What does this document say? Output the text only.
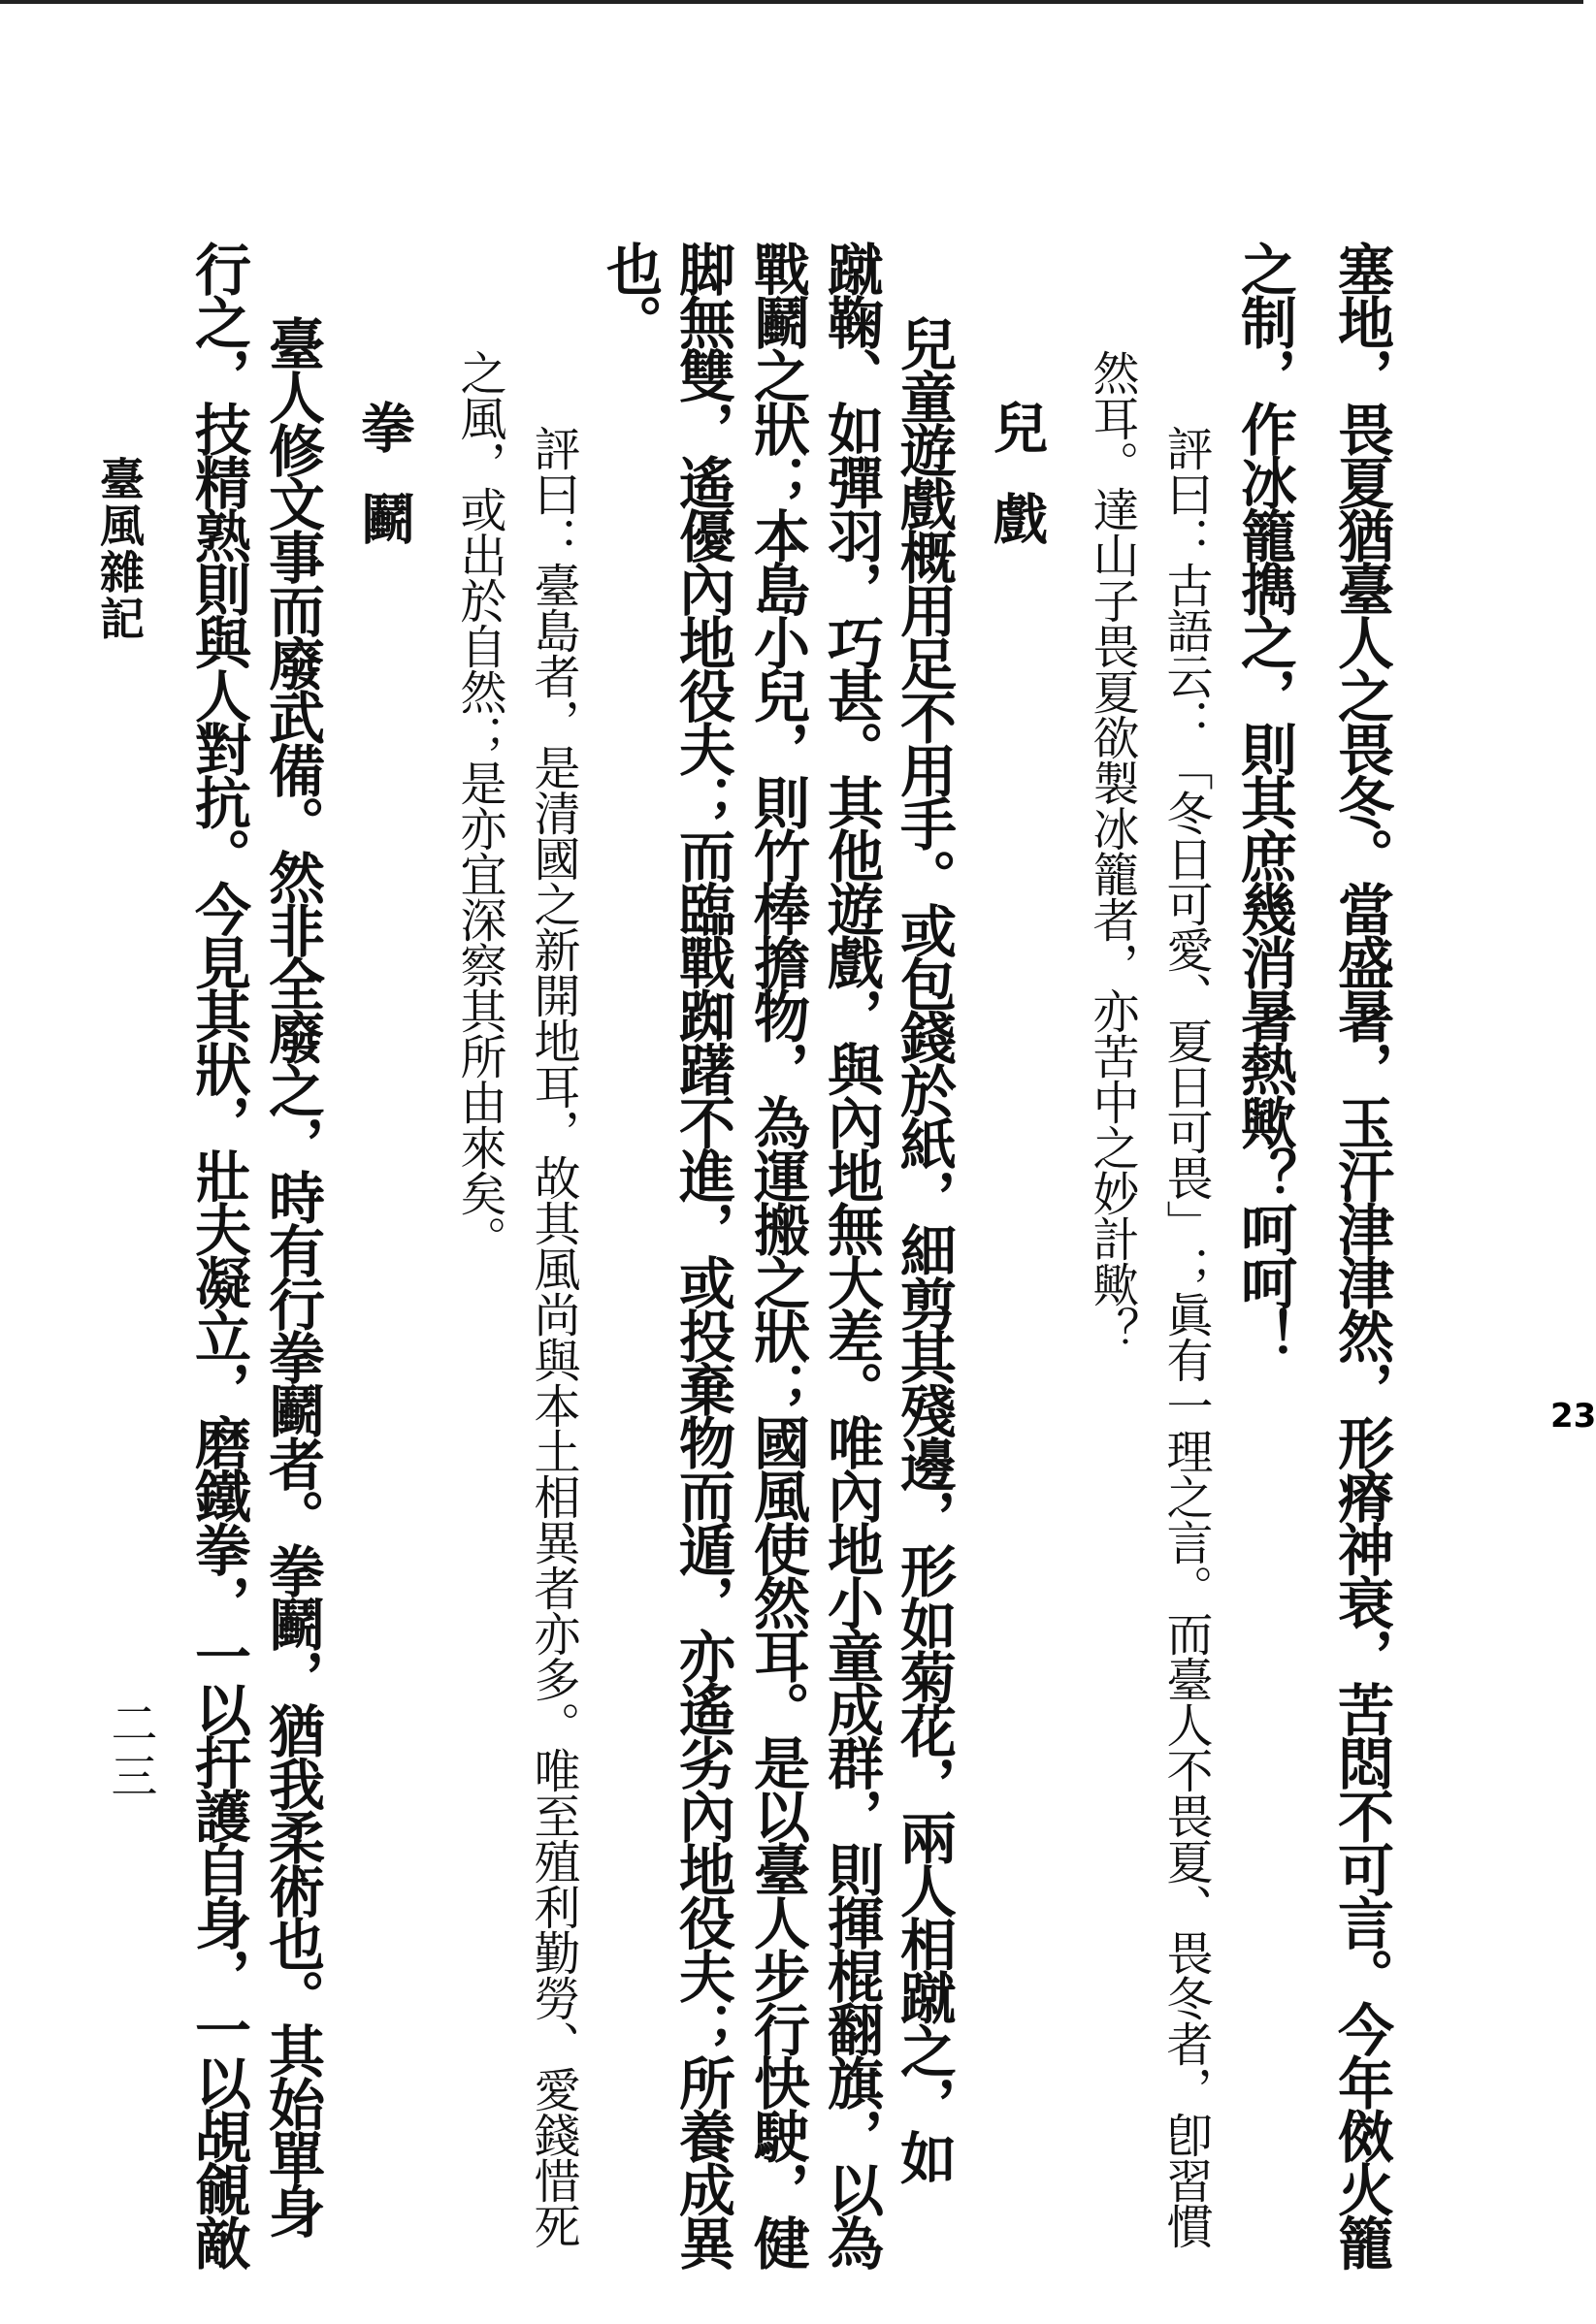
塞地，畏夏猶臺人之畏冬。當盛暑，玉汗津津然，形瘠神衰，苦悶不可言。今年傚火籠
之制，作冰籠擕之，則其庶幾消暑熱歟？呵呵！
評曰：古語云：「冬日可愛、夏日可畏」；眞有一理之言。而臺人不畏夏、畏冬者，卽習慣
然耳。達山子畏夏欲製冰籠者，亦苦中之妙計歟？
兒戲
兒童遊戲概用足不用手。或包錢於紙，細剪其殘邊，形如菊花，兩人相蹴之，如
蹴鞠、如彈羽，巧甚。其他遊戲，與內地無大差。唯內地小童成群，則揮棍翻旗，以為
戰鬬之狀；本島小兒，則竹棒擔物，為運搬之狀；國風使然耳。是以臺人步行快駛，健
脚無雙，遙優內地役夫；而臨戰踟躇不進，或投棄物而遁，亦遙劣內地役夫；所養成異
也。
評曰：臺島者，是清國之新開地耳，故其風尚與本土相異者亦多。唯至殖利勤勞、愛錢惜死
之風，或出於自然；是亦宜深察其所由來矣。
拳鬬
臺人修文事而廢武備。然非全廢之，時有行拳鬬者。拳鬬，猶我柔術也。其始單身
行之，技精熟則與人對抗。今見其狀，壯夫凝立，磨鐵拳，一以扞護自身，一以覘覦敵
臺風雜記
二三
23
